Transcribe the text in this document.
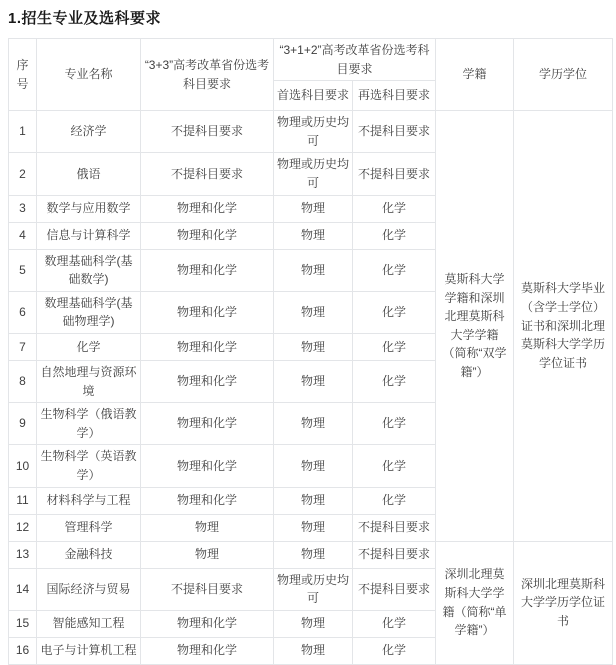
1.招生专业及选科要求
序号	专业名称	“3+3”高考改革省份选考科目要求	“3+1+2”高考改革省份选考科目要求		学籍	学历学位
			首选科目要求	再选科目要求		
1	经济学	不提科目要求	物理或历史均可	不提科目要求	莫斯科大学学籍和深圳北理莫斯科大学学籍（简称“双学籍”）	莫斯科大学毕业（含学士学位）证书和深圳北理莫斯科大学学历学位证书
2	俄语	不提科目要求	物理或历史均可	不提科目要求		
3	数学与应用数学	物理和化学	物理	化学		
4	信息与计算科学	物理和化学	物理	化学		
5	数理基础科学(基础数学)	物理和化学	物理	化学		
6	数理基础科学(基础物理学)	物理和化学	物理	化学		
7	化学	物理和化学	物理	化学		
8	自然地理与资源环境	物理和化学	物理	化学		
9	生物科学（俄语教学）	物理和化学	物理	化学		
10	生物科学（英语教学）	物理和化学	物理	化学		
11	材料科学与工程	物理和化学	物理	化学		
12	管理科学	物理	物理	不提科目要求		
13	金融科技	物理	物理	不提科目要求	深圳北理莫斯科大学学籍（简称“单学籍”）	深圳北理莫斯科大学学历学位证书
14	国际经济与贸易	不提科目要求	物理或历史均可	不提科目要求		
15	智能感知工程	物理和化学	物理	化学		
16	电子与计算机工程	物理和化学	物理	化学		
